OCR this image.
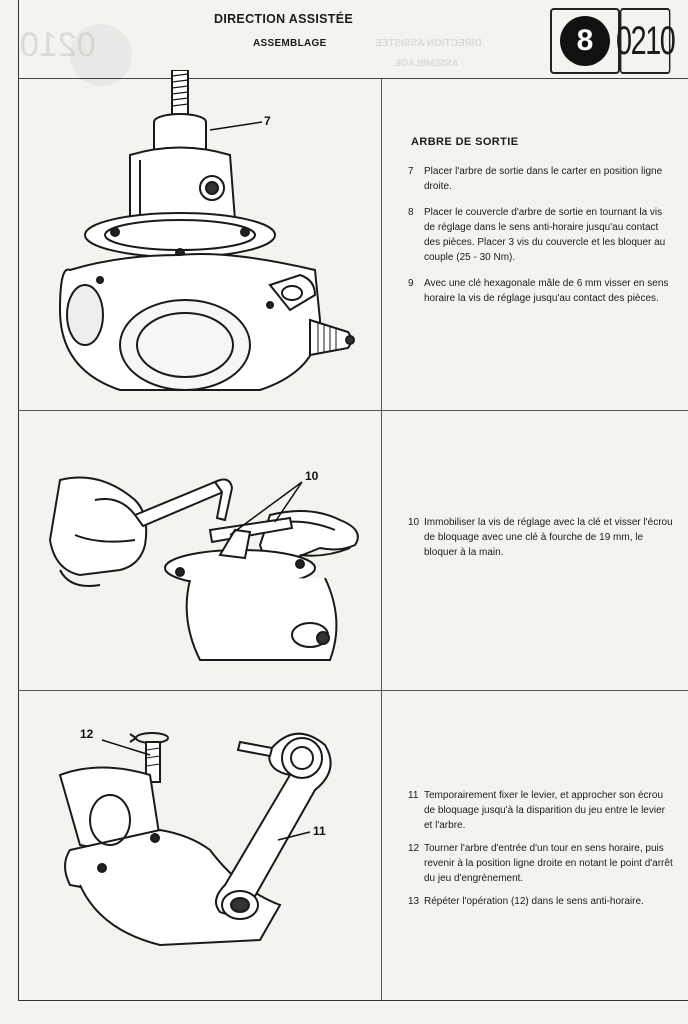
0210	DIRECTION ASSISTÉE
ASSEMBLAGE
DIRECTION ASSISTÉE
ASSEMBLAGE	8 0210
ARBRE DE SORTIE
7	Placer l'arbre de sortie dans le carter en position ligne droite.
8	Placer le couvercle d'arbre de sortie en tournant la vis de réglage dans le sens anti-horaire jusqu'au contact des pièces. Placer 3 vis du couvercle et les bloquer au couple (25 - 30 Nm).
9	Avec une clé hexagonale mâle de 6 mm visser en sens horaire la vis de réglage jusqu'au contact des pièces.
10 Immobiliser la vis de réglage avec la clé et visser l'écrou de bloquage avec une clé à fourche de 19 mm, le bloquer à la main.
11 Temporairement fixer le levier, et approcher son écrou de bloquage jusqu'à la disparition du jeu entre le levier et l'arbre.
12 Tourner l'arbre d'entrée d'un tour en sens horaire, puis revenir à la position ligne droite en notant le point d'arrêt du jeu d'engrènement.
13 Répéter l'opération (12) dans le sens anti-horaire.
7
10
12
11
